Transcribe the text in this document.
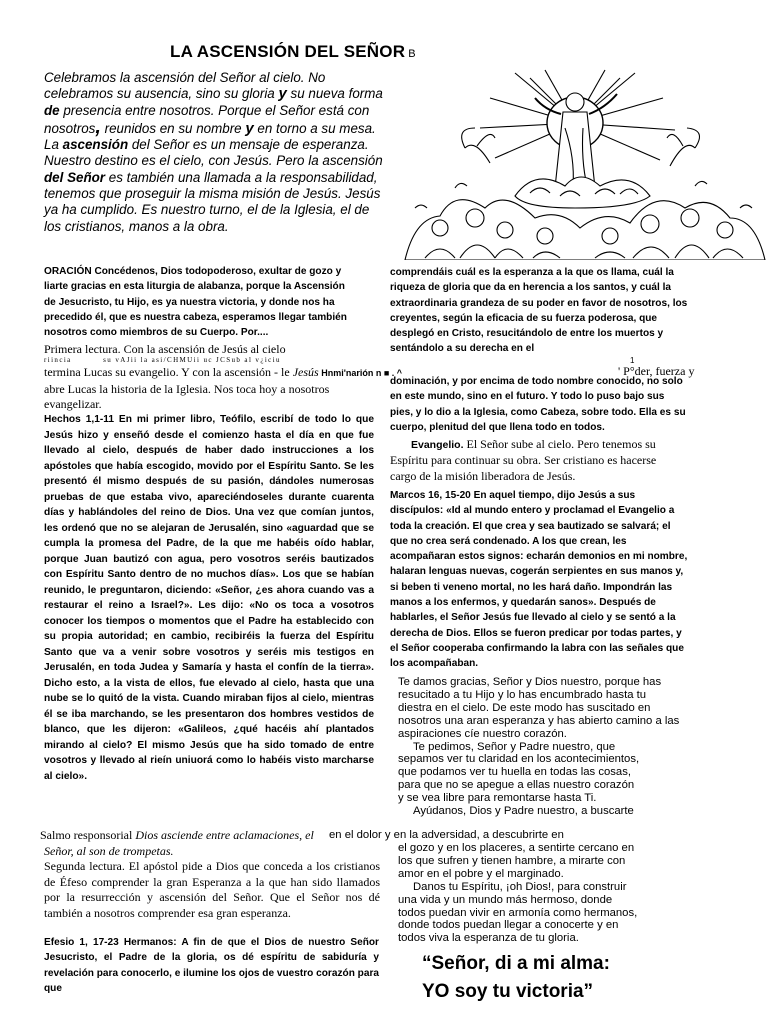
LA ASCENSIÓN DEL SEÑOR B
Celebramos la ascensión del Señor al cielo. No celebramos su ausencia, sino su gloria y su nueva forma de presencia entre nosotros. Porque el Señor está con nosotros, reunidos en su nombre y en torno a su mesa. La ascensión del Señor es un mensaje de esperanza. Nuestro destino es el cielo, con Jesús. Pero la ascensión del Señor es también una llamada a la responsabilidad, tenemos que proseguir la misma misión de Jesús. Jesús ya ha cumplido. Es nuestro turno, el de la Iglesia, el de los cristianos, manos a la obra.
ORACIÓN Concédenos, Dios todopoderoso, exultar de gozo y liarte gracias en esta liturgia de alabanza, porque la Ascensión de Jesucristo, tu Hijo, es ya nuestra victoria, y donde nos ha precedido él, que es nuestra cabeza, esperamos llegar también nosotros como miembros de su Cuerpo. Por....
Primera lectura. Con la ascensión de Jesús al cielo
riincia          su vAJii la asi/CHMUii uc JCSub al v¿iciu
termina Lucas su evangelio. Y con la ascensión - le Jesús Hnmi'narión n ■ . ^
abre Lucas la historia de la Iglesia. Nos toca hoy a nosotros evangelizar.
Hechos 1,1-11 En mi primer libro, Teófilo, escribí de todo lo que Jesús hizo y enseñó desde el comienzo hasta el día en que fue llevado al cielo, después de haber dado instrucciones a los apóstoles que había escogido, movido por el Espíritu Santo. Se les presentó él mismo después de su pasión, dándoles numerosas pruebas de que estaba vivo, apareciéndoseles durante cuarenta días y hablándoles del reino de Dios. Una vez que comían juntos, les ordenó que no se alejaran de Jerusalén, sino «aguardad que se cumpla la promesa del Padre, de la que me habéis oído hablar, porque Juan bautizó con agua, pero vosotros seréis bautizados con Espíritu Santo dentro de no muchos días». Los que se habían reunido, le preguntaron, diciendo: «Señor, ¿es ahora cuando vas a restaurar el reino a Israel?». Les dijo: «No os toca a vosotros conocer los tiempos o momentos que el Padre ha establecido con su propia autoridad; en cambio, recibiréis la fuerza del Espíritu Santo que va a venir sobre vosotros y seréis mis testigos en Jerusalén, en toda Judea y Samaría y hasta el confín de la tierra». Dicho esto, a la vista de ellos, fue elevado al cielo, hasta que una nube se lo quitó de la vista. Cuando miraban fijos al cielo, mientras él se iba marchando, se les presentaron dos hombres vestidos de blanco, que les dijeron: «Galileos, ¿qué hacéis ahí plantados mirando al cielo? El mismo Jesús que ha sido tomado de entre vosotros y llevado al rieín uniuorá como lo habéis visto marcharse al cielo».
comprendáis cuál es la esperanza a la que os llama, cuál la riqueza de gloria que da en herencia a los santos, y cuál la extraordinaria grandeza de su poder en favor de nosotros, los creyentes, según la eficacia de su fuerza poderosa, que desplegó en Cristo, resucitándolo de entre los muertos y sentándolo a su derecha en el
1
' P°der, fuerza y
dominación, y por encima de todo nombre conocido, no solo en este mundo, sino en el futuro. Y todo lo puso bajo sus pies, y lo dio a la Iglesia, como Cabeza, sobre todo. Ella es su cuerpo, plenitud del que llena todo en todos.
Evangelio. El Señor sube al cielo. Pero tenemos su Espíritu para continuar su obra. Ser cristiano es hacerse cargo de la misión liberadora de Jesús.
Marcos 16, 15-20 En aquel tiempo, dijo Jesús a sus discípulos: «Id al mundo entero y proclamad el Evangelio a toda la creación. El que crea y sea bautizado se salvará; el que no crea será condenado. A los que crean, les acompañaran estos signos: echarán demonios en mi nombre, halaran lenguas nuevas, cogerán serpientes en sus manos y, si beben ti veneno mortal, no les hará daño. Impondrán las manos a los enfermos, y quedarán sanos». Después de hablarles, el Señor Jesús fue llevado al cielo y se sentó a la derecha de Dios. Ellos se fueron predicar por todas partes, y el Señor cooperaba confirmando la labra con las señales que los acompañaban.
Te damos gracias, Señor y Dios nuestro, porque has
resucitado a tu Hijo y lo has encumbrado hasta tu
diestra en el cielo. De este modo has suscitado en
nosotros una aran esperanza y has abierto camino a las
aspiraciones cíe nuestro corazón.
Te pedimos, Señor y Padre nuestro, que
sepamos ver tu claridad en los acontecimientos,
que podamos ver tu huella en todas las cosas,
para que no se apegue a ellas nuestro corazón
y se vea libre para remontarse hasta Ti.
Ayúdanos, Dios y Padre nuestro, a buscarte
Salmo responsorial Dios asciende entre aclamaciones, el	en el dolor y en la adversidad, a descubrirte en
Señor, al son de trompetas.	el gozo y en los placeres, a sentirte cercano en
los que sufren y tienen hambre, a mirarte con
amor en el pobre y el marginado.
Danos tu Espíritu, ¡oh Dios!, para construir
una vida y un mundo más hermoso, donde
todos puedan vivir en armonía como hermanos,
donde todos puedan llegar a conocerte y en
todos viva la esperanza de tu gloria.
Segunda lectura. El apóstol pide a Dios que conceda a los cristianos de Éfeso comprender la gran Esperanza a la que han sido llamados por la resurrección y ascensión del Señor. Que el Señor nos dé también a nosotros comprender esa gran esperanza.
Efesio 1, 17-23 Hermanos: A fin de que el Dios de nuestro Señor Jesucristo, el Padre de la gloria, os dé espíritu de sabiduría y revelación para conocerlo, e ilumine los ojos de vuestro corazón para que
“Señor, di a mi alma:
YO soy tu victoria”
